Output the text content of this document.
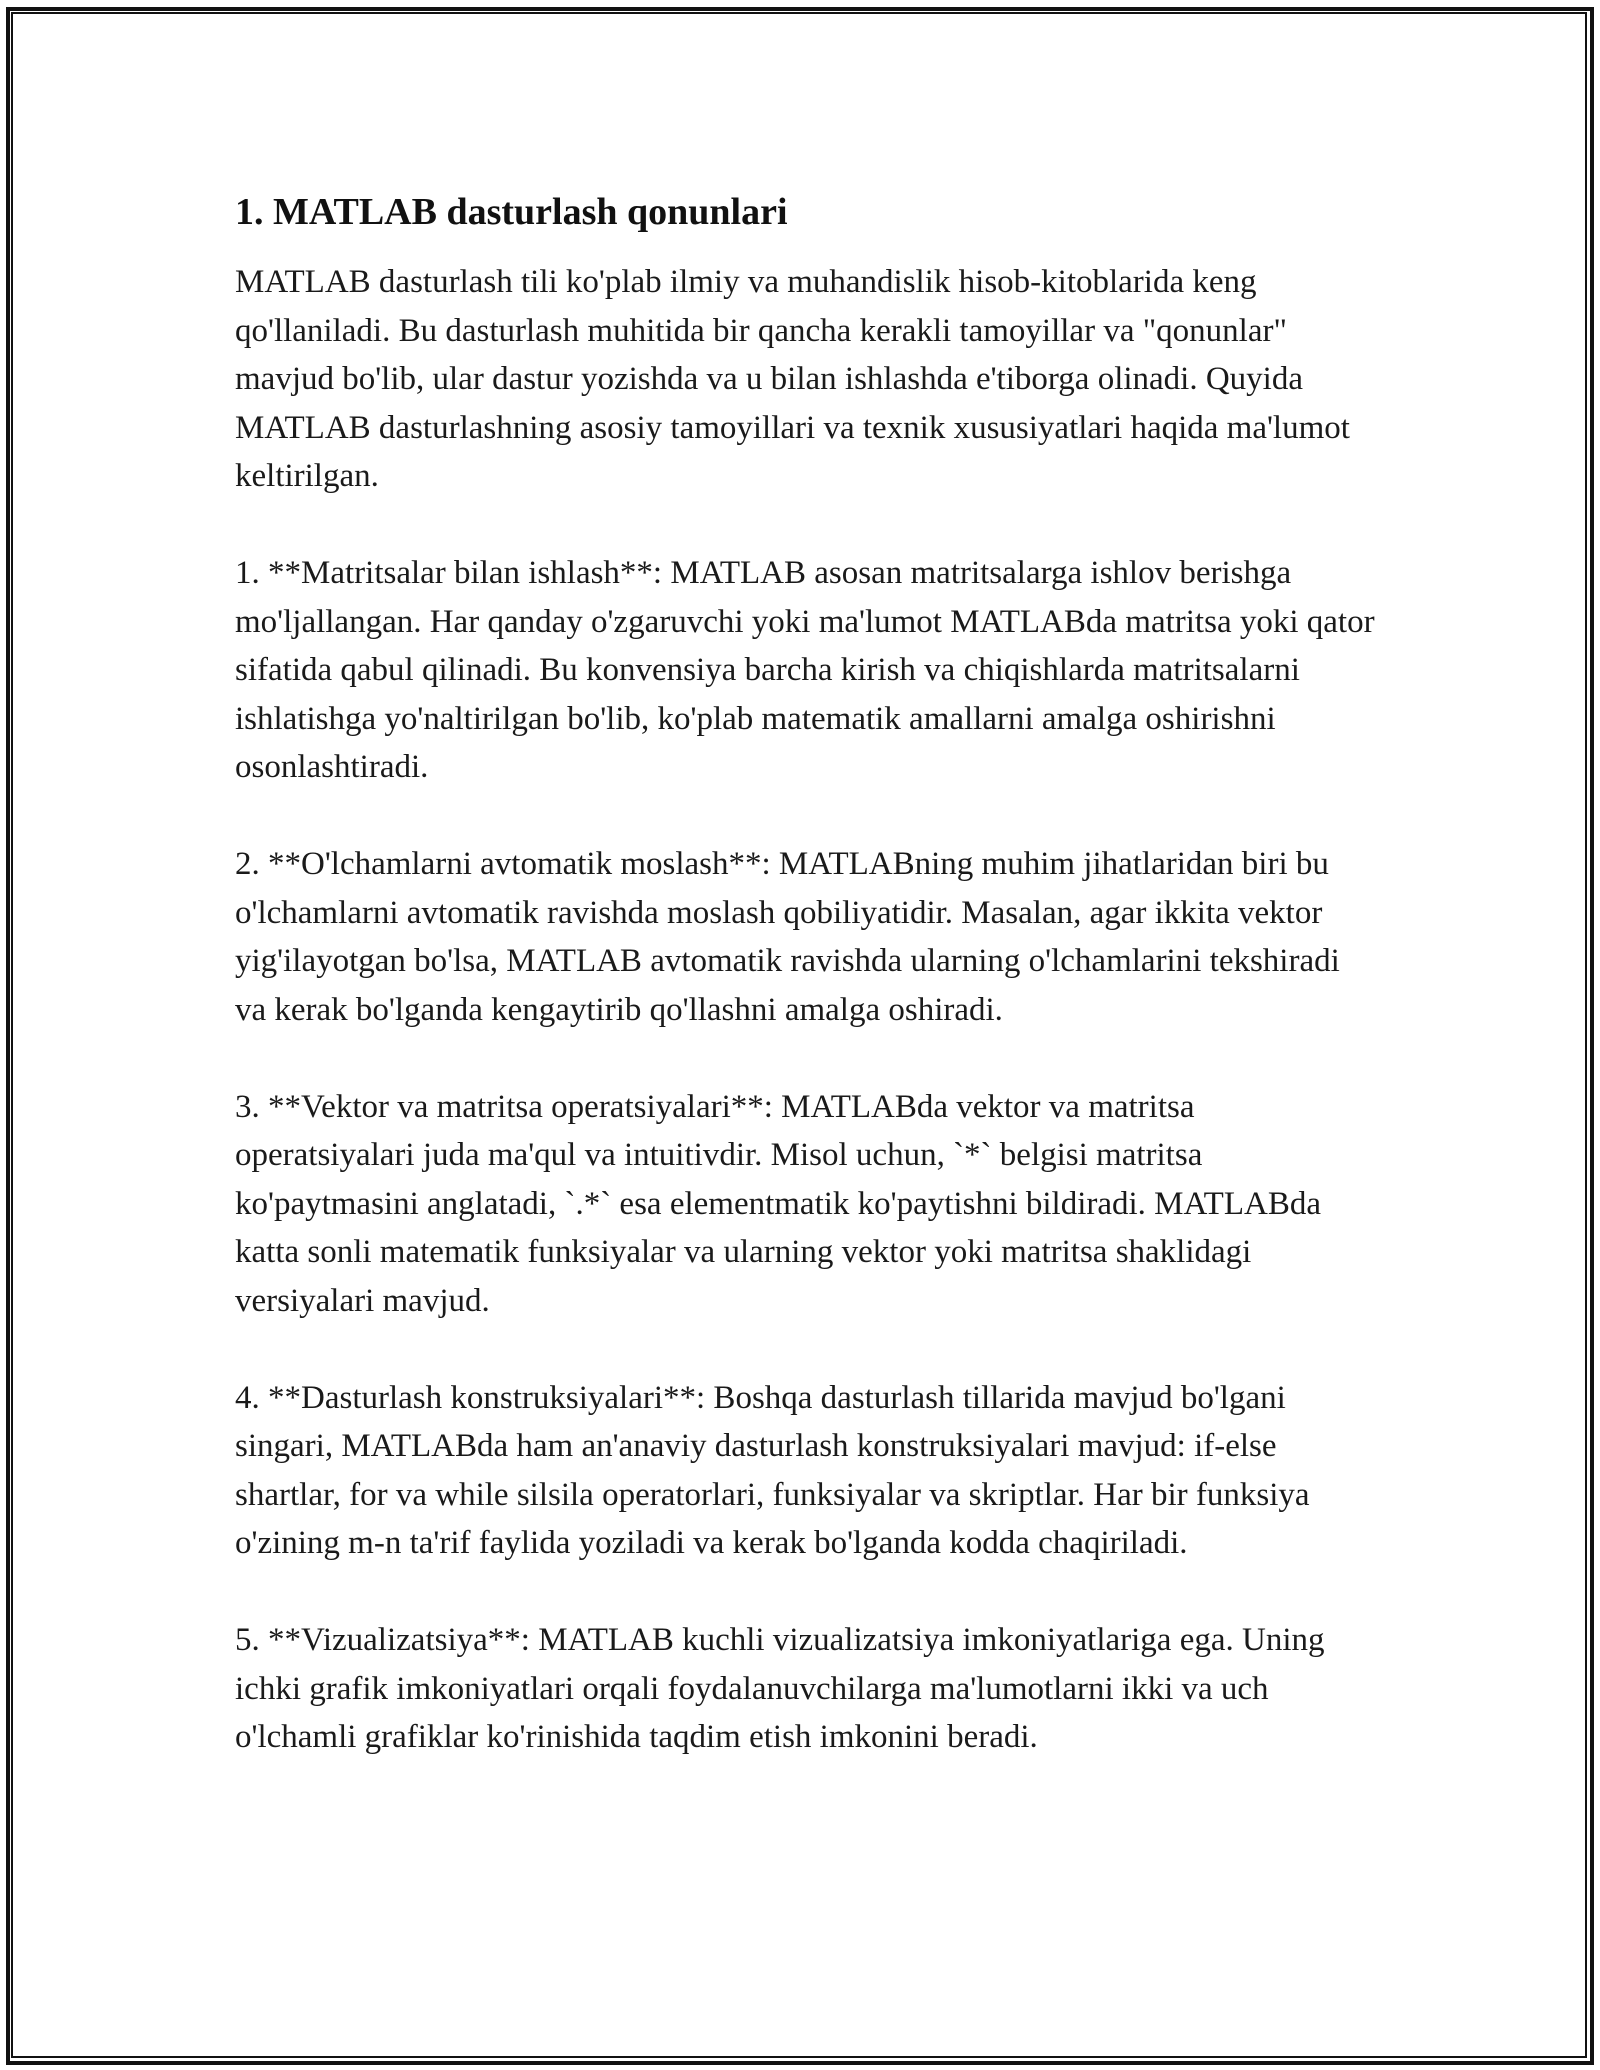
1. MATLAB dasturlash qonunlari

MATLAB dasturlash tili ko'plab ilmiy va muhandislik hisob-kitoblarida keng qo'llaniladi. Bu dasturlash muhitida bir qancha kerakli tamoyillar va "qonunlar" mavjud bo'lib, ular dastur yozishda va u bilan ishlashda e'tiborga olinadi. Quyida MATLAB dasturlashning asosiy tamoyillari va texnik xususiyatlari haqida ma'lumot keltirilgan.

1. **Matritsalar bilan ishlash**: MATLAB asosan matritsalarga ishlov berishga mo'ljallangan. Har qanday o'zgaruvchi yoki ma'lumot MATLABda matritsa yoki qator sifatida qabul qilinadi. Bu konvensiya barcha kirish va chiqishlarda matritsalarni ishlatishga yo'naltirilgan bo'lib, ko'plab matematik amallarni amalga oshirishni osonlashtiradi.

2. **O'lchamlarni avtomatik moslash**: MATLABning muhim jihatlaridan biri bu o'lchamlarni avtomatik ravishda moslash qobiliyatidir. Masalan, agar ikkita vektor yig'ilayotgan bo'lsa, MATLAB avtomatik ravishda ularning o'lchamlarini tekshiradi va kerak bo'lganda kengaytirib qo'llashni amalga oshiradi.

3. **Vektor va matritsa operatsiyalari**: MATLABda vektor va matritsa operatsiyalari juda ma'qul va intuitivdir. Misol uchun, `*` belgisi matritsa ko'paytmasini anglatadi, `.*` esa elementmatik ko'paytishni bildiradi. MATLABda katta sonli matematik funksiyalar va ularning vektor yoki matritsa shaklidagi versiyalari mavjud.

4. **Dasturlash konstruksiyalari**: Boshqa dasturlash tillarida mavjud bo'lgani singari, MATLABda ham an'anaviy dasturlash konstruksiyalari mavjud: if-else shartlar, for va while silsila operatorlari, funksiyalar va skriptlar. Har bir funksiya o'zining m-n ta'rif faylida yoziladi va kerak bo'lganda kodda chaqiriladi.

5. **Vizualizatsiya**: MATLAB kuchli vizualizatsiya imkoniyatlariga ega. Uning ichki grafik imkoniyatlari orqali foydalanuvchilarga ma'lumotlarni ikki va uch o'lchamli grafiklar ko'rinishida taqdim etish imkonini beradi.
